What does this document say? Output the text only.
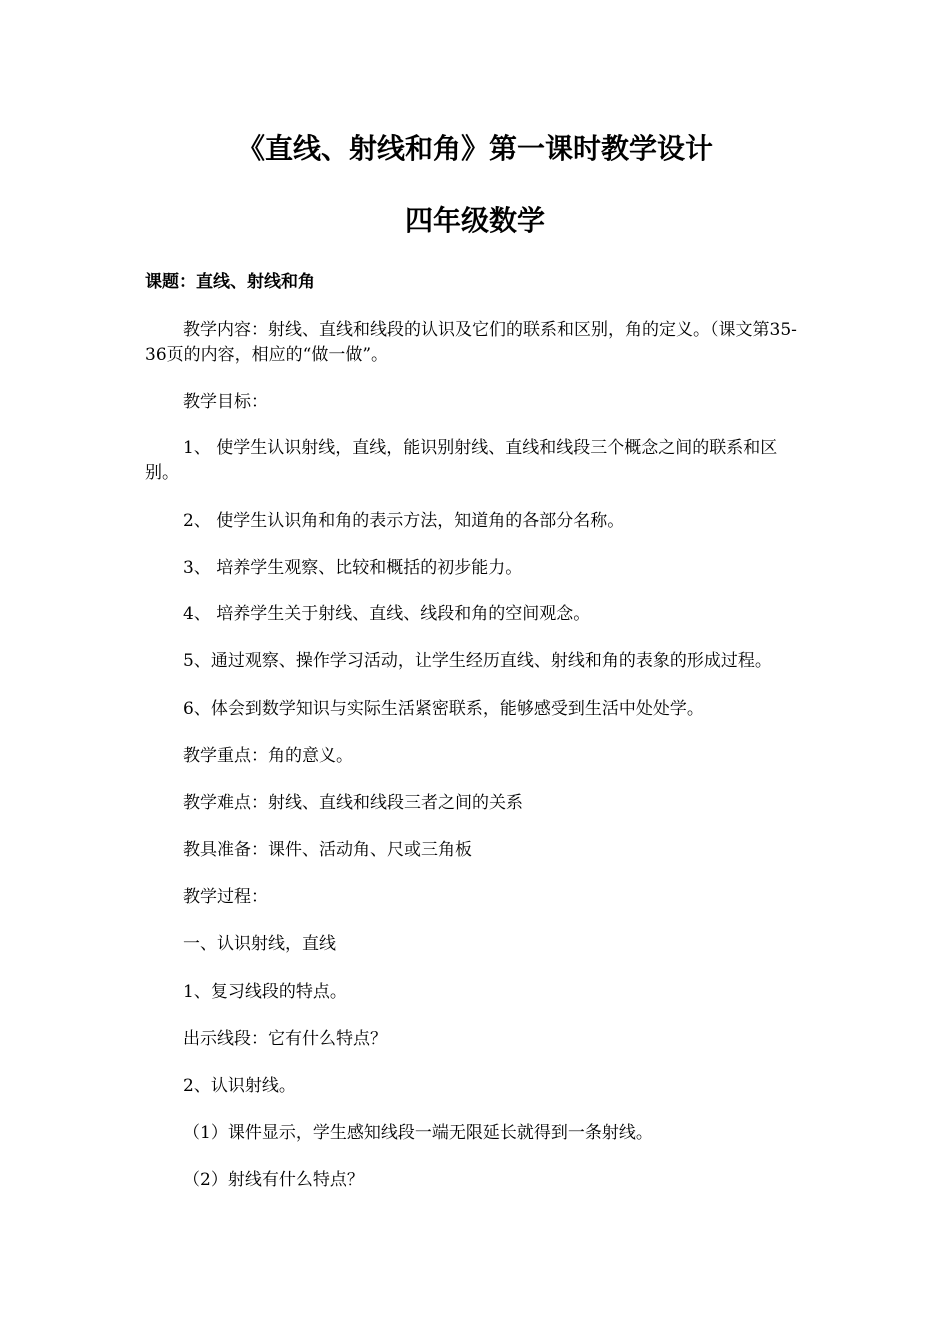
《直线、射线和角》第一课时教学设计
四年级数学
课题：直线、射线和角
教学内容：射线、直线和线段的认识及它们的联系和区别，角的定义。（课文第35-36页的内容，相应的“做一做”。
教学目标：
1、 使学生认识射线，直线，能识别射线、直线和线段三个概念之间的联系和区别。
2、 使学生认识角和角的表示方法，知道角的各部分名称。
3、 培养学生观察、比较和概括的初步能力。
4、 培养学生关于射线、直线、线段和角的空间观念。
5、通过观察、操作学习活动，让学生经历直线、射线和角的表象的形成过程。
6、体会到数学知识与实际生活紧密联系，能够感受到生活中处处学。
教学重点：角的意义。
教学难点：射线、直线和线段三者之间的关系
教具准备：课件、活动角、尺或三角板
教学过程：
一、认识射线，直线
1、复习线段的特点。
出示线段：它有什么特点？
2、认识射线。
（1）课件显示，学生感知线段一端无限延长就得到一条射线。
（2）射线有什么特点？
